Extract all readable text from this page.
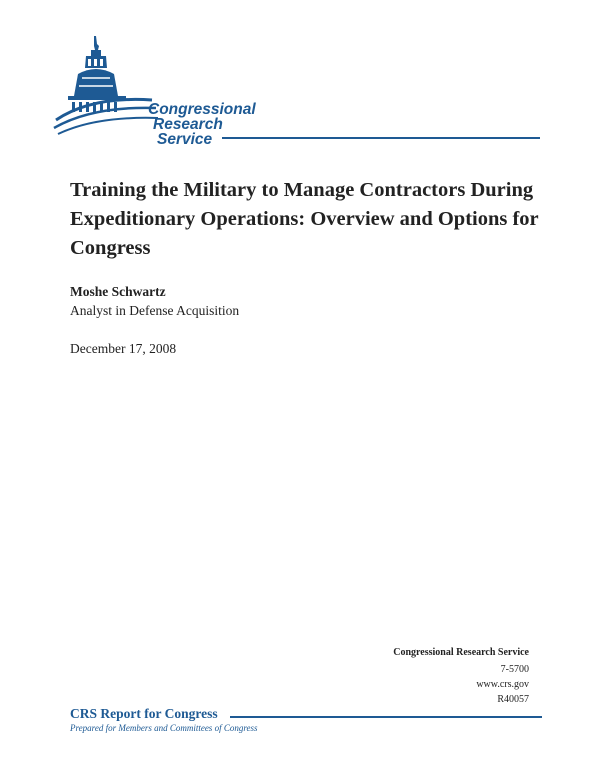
Congressional
Research
Service
Training the Military to Manage Contractors During Expeditionary Operations: Overview and Options for Congress
Moshe Schwartz
Analyst in Defense Acquisition
December 17, 2008
Congressional Research Service
7-5700
www.crs.gov
R40057
CRS Report for Congress
Prepared for Members and Committees of Congress
